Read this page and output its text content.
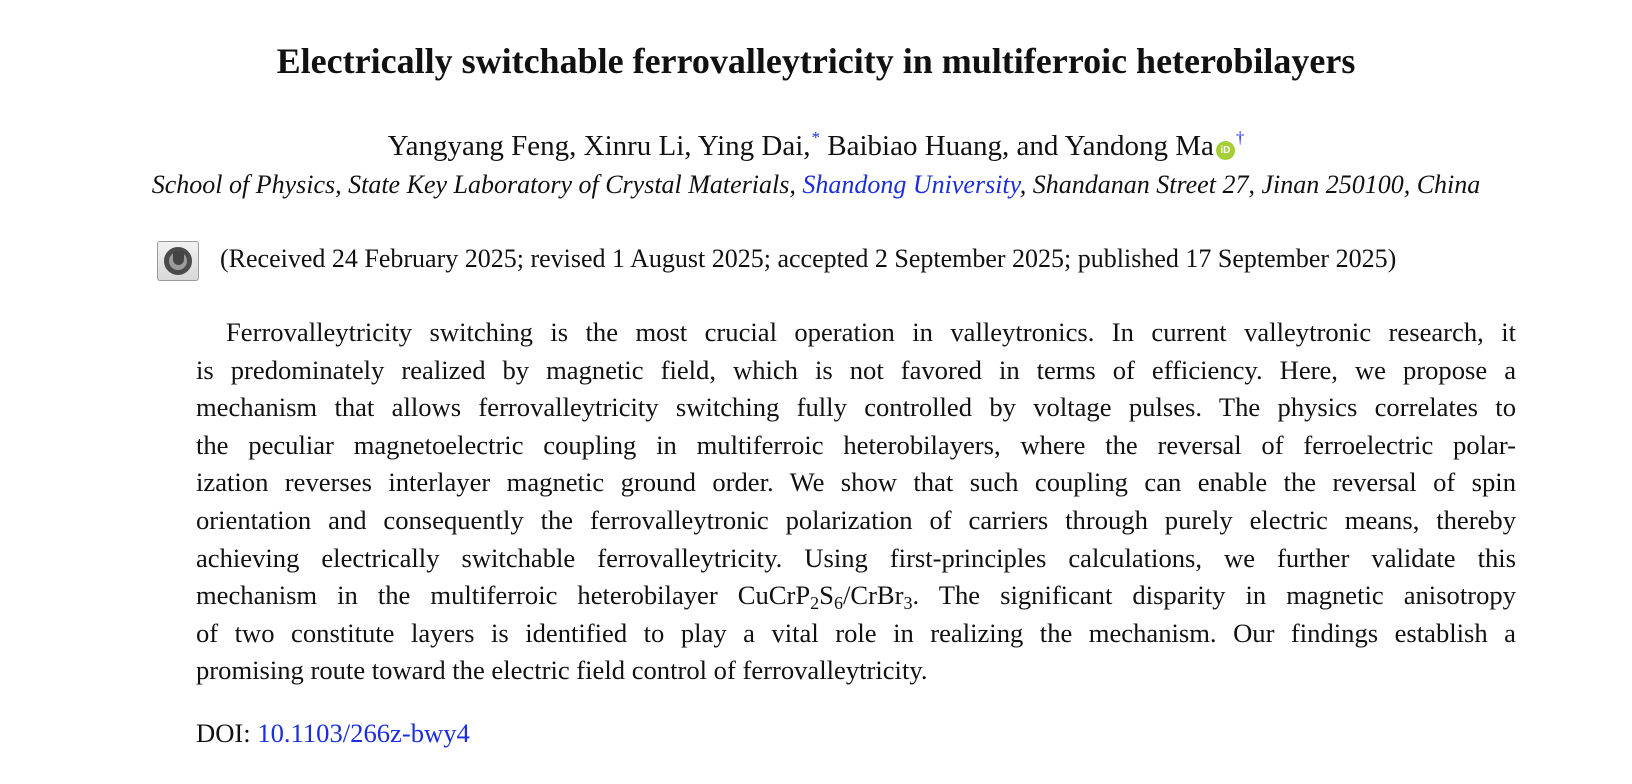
Electrically switchable ferrovalleytricity in multiferroic heterobilayers
Yangyang Feng, Xinru Li, Ying Dai,* Baibiao Huang, and Yandong Ma iD†
School of Physics, State Key Laboratory of Crystal Materials, Shandong University, Shandanan Street 27, Jinan 250100, China
(Received 24 February 2025; revised 1 August 2025; accepted 2 September 2025; published 17 September 2025)
Ferrovalleytricity switching is the most crucial operation in valleytronics. In current valleytronic research, it
is predominately realized by magnetic field, which is not favored in terms of efficiency. Here, we propose a
mechanism that allows ferrovalleytricity switching fully controlled by voltage pulses. The physics correlates to
the peculiar magnetoelectric coupling in multiferroic heterobilayers, where the reversal of ferroelectric polar-
ization reverses interlayer magnetic ground order. We show that such coupling can enable the reversal of spin
orientation and consequently the ferrovalleytronic polarization of carriers through purely electric means, thereby
achieving electrically switchable ferrovalleytricity. Using first-principles calculations, we further validate this
mechanism in the multiferroic heterobilayer $CuCrP_2S_6/CrBr_3$. The significant disparity in magnetic anisotropy
of two constitute layers is identified to play a vital role in realizing the mechanism. Our findings establish a
promising route toward the electric field control of ferrovalleytricity.
DOI: 10.1103/266z-bwy4
